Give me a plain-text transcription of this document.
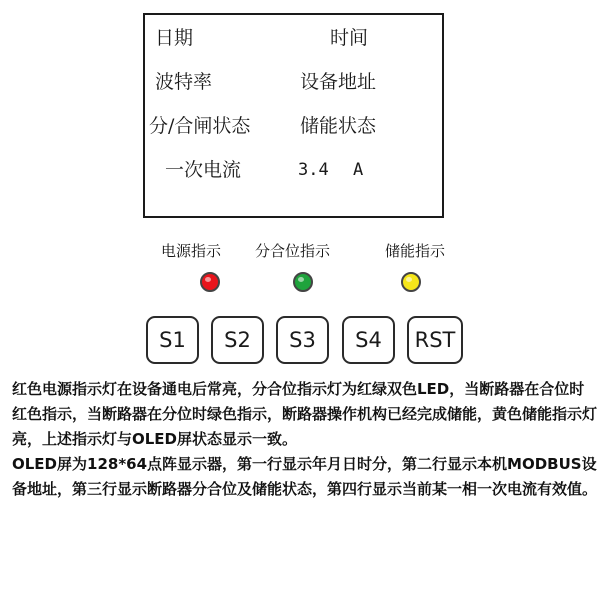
日期	时间
波特率	设备地址
分/合闸状态	储能状态
一次电流	3.4 A
电源指示 分合位指示	储能指示
S1	S2	S3	S4	RST

红色电源指示灯在设备通电后常亮，分合位指示灯为红绿双色LED，当断路器在合位时红色指示，当断路器在分位时绿色指示，断路器操作机构已经完成储能，黄色储能指示灯亮，上述指示灯与OLED屏状态显示一致。

OLED屏为128*64点阵显示器，第一行显示年月日时分，第二行显示本机MODBUS设备地址，第三行显示断路器分合位及储能状态，第四行显示当前某一相一次电流有效值。
